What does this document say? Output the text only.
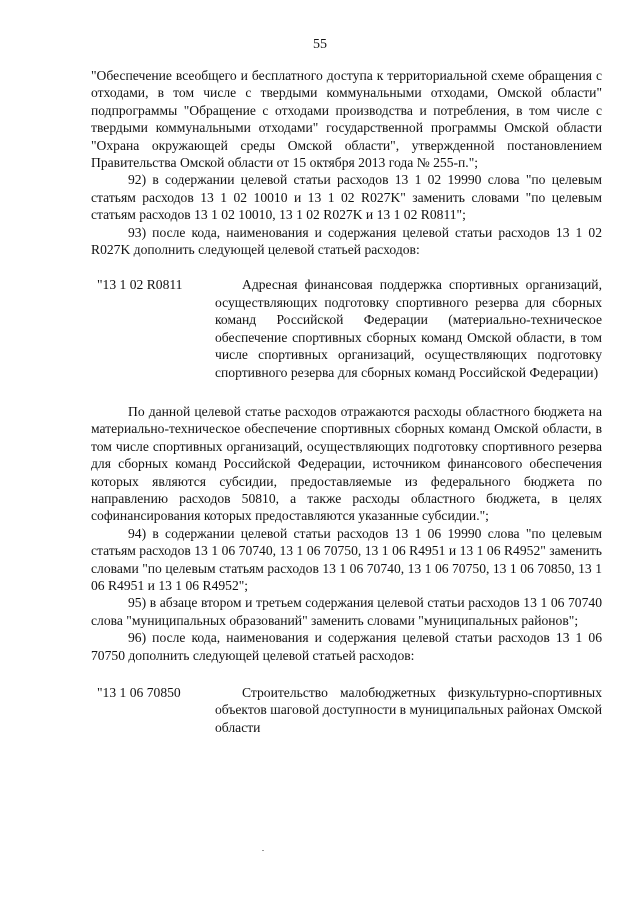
55

"Обеспечение всеобщего и бесплатного доступа к территориальной схеме обращения с отходами, в том числе с твердыми коммунальными отходами, Омской области" подпрограммы "Обращение с отходами производства и потребления, в том числе с твердыми коммунальными отходами" государственной программы Омской области "Охрана окружающей среды Омской области", утвержденной постановлением Правительства Омской области от 15 октября 2013 года № 255-п.";

92) в содержании целевой статьи расходов 13 1 02 19990 слова "по целевым статьям расходов 13 1 02 10010 и 13 1 02 R027K" заменить словами "по целевым статьям расходов 13 1 02 10010, 13 1 02 R027K и 13 1 02 R0811";

93) после кода, наименования и содержания целевой статьи расходов 13 1 02 R027K дополнить следующей целевой статьей расходов:

"13 1 02 R0811	Адресная финансовая поддержка спортивных организаций, осуществляющих подготовку спортивного резерва для сборных команд Российской Федерации (материально-техническое обеспечение спортивных сборных команд Омской области, в том числе спортивных организаций, осуществляющих подготовку спортивного резерва для сборных команд Российской Федерации)

По данной целевой статье расходов отражаются расходы областного бюджета на материально-техническое обеспечение спортивных сборных команд Омской области, в том числе спортивных организаций, осуществляющих подготовку спортивного резерва для сборных команд Российской Федерации, источником финансового обеспечения которых являются субсидии, предоставляемые из федерального бюджета по направлению расходов 50810, а также расходы областного бюджета, в целях софинансирования которых предоставляются указанные субсидии.";

94) в содержании целевой статьи расходов 13 1 06 19990 слова "по целевым статьям расходов 13 1 06 70740, 13 1 06 70750, 13 1 06 R4951 и 13 1 06 R4952" заменить словами "по целевым статьям расходов 13 1 06 70740, 13 1 06 70750, 13 1 06 70850, 13 1 06 R4951 и 13 1 06 R4952";

95) в абзаце втором и третьем содержания целевой статьи расходов 13 1 06 70740 слова "муниципальных образований" заменить словами "муниципальных районов";

96) после кода, наименования и содержания целевой статьи расходов 13 1 06 70750 дополнить следующей целевой статьей расходов:

"13 1 06 70850	Строительство малобюджетных физкультурно-спортивных объектов шаговой доступности в муниципальных районах Омской области
